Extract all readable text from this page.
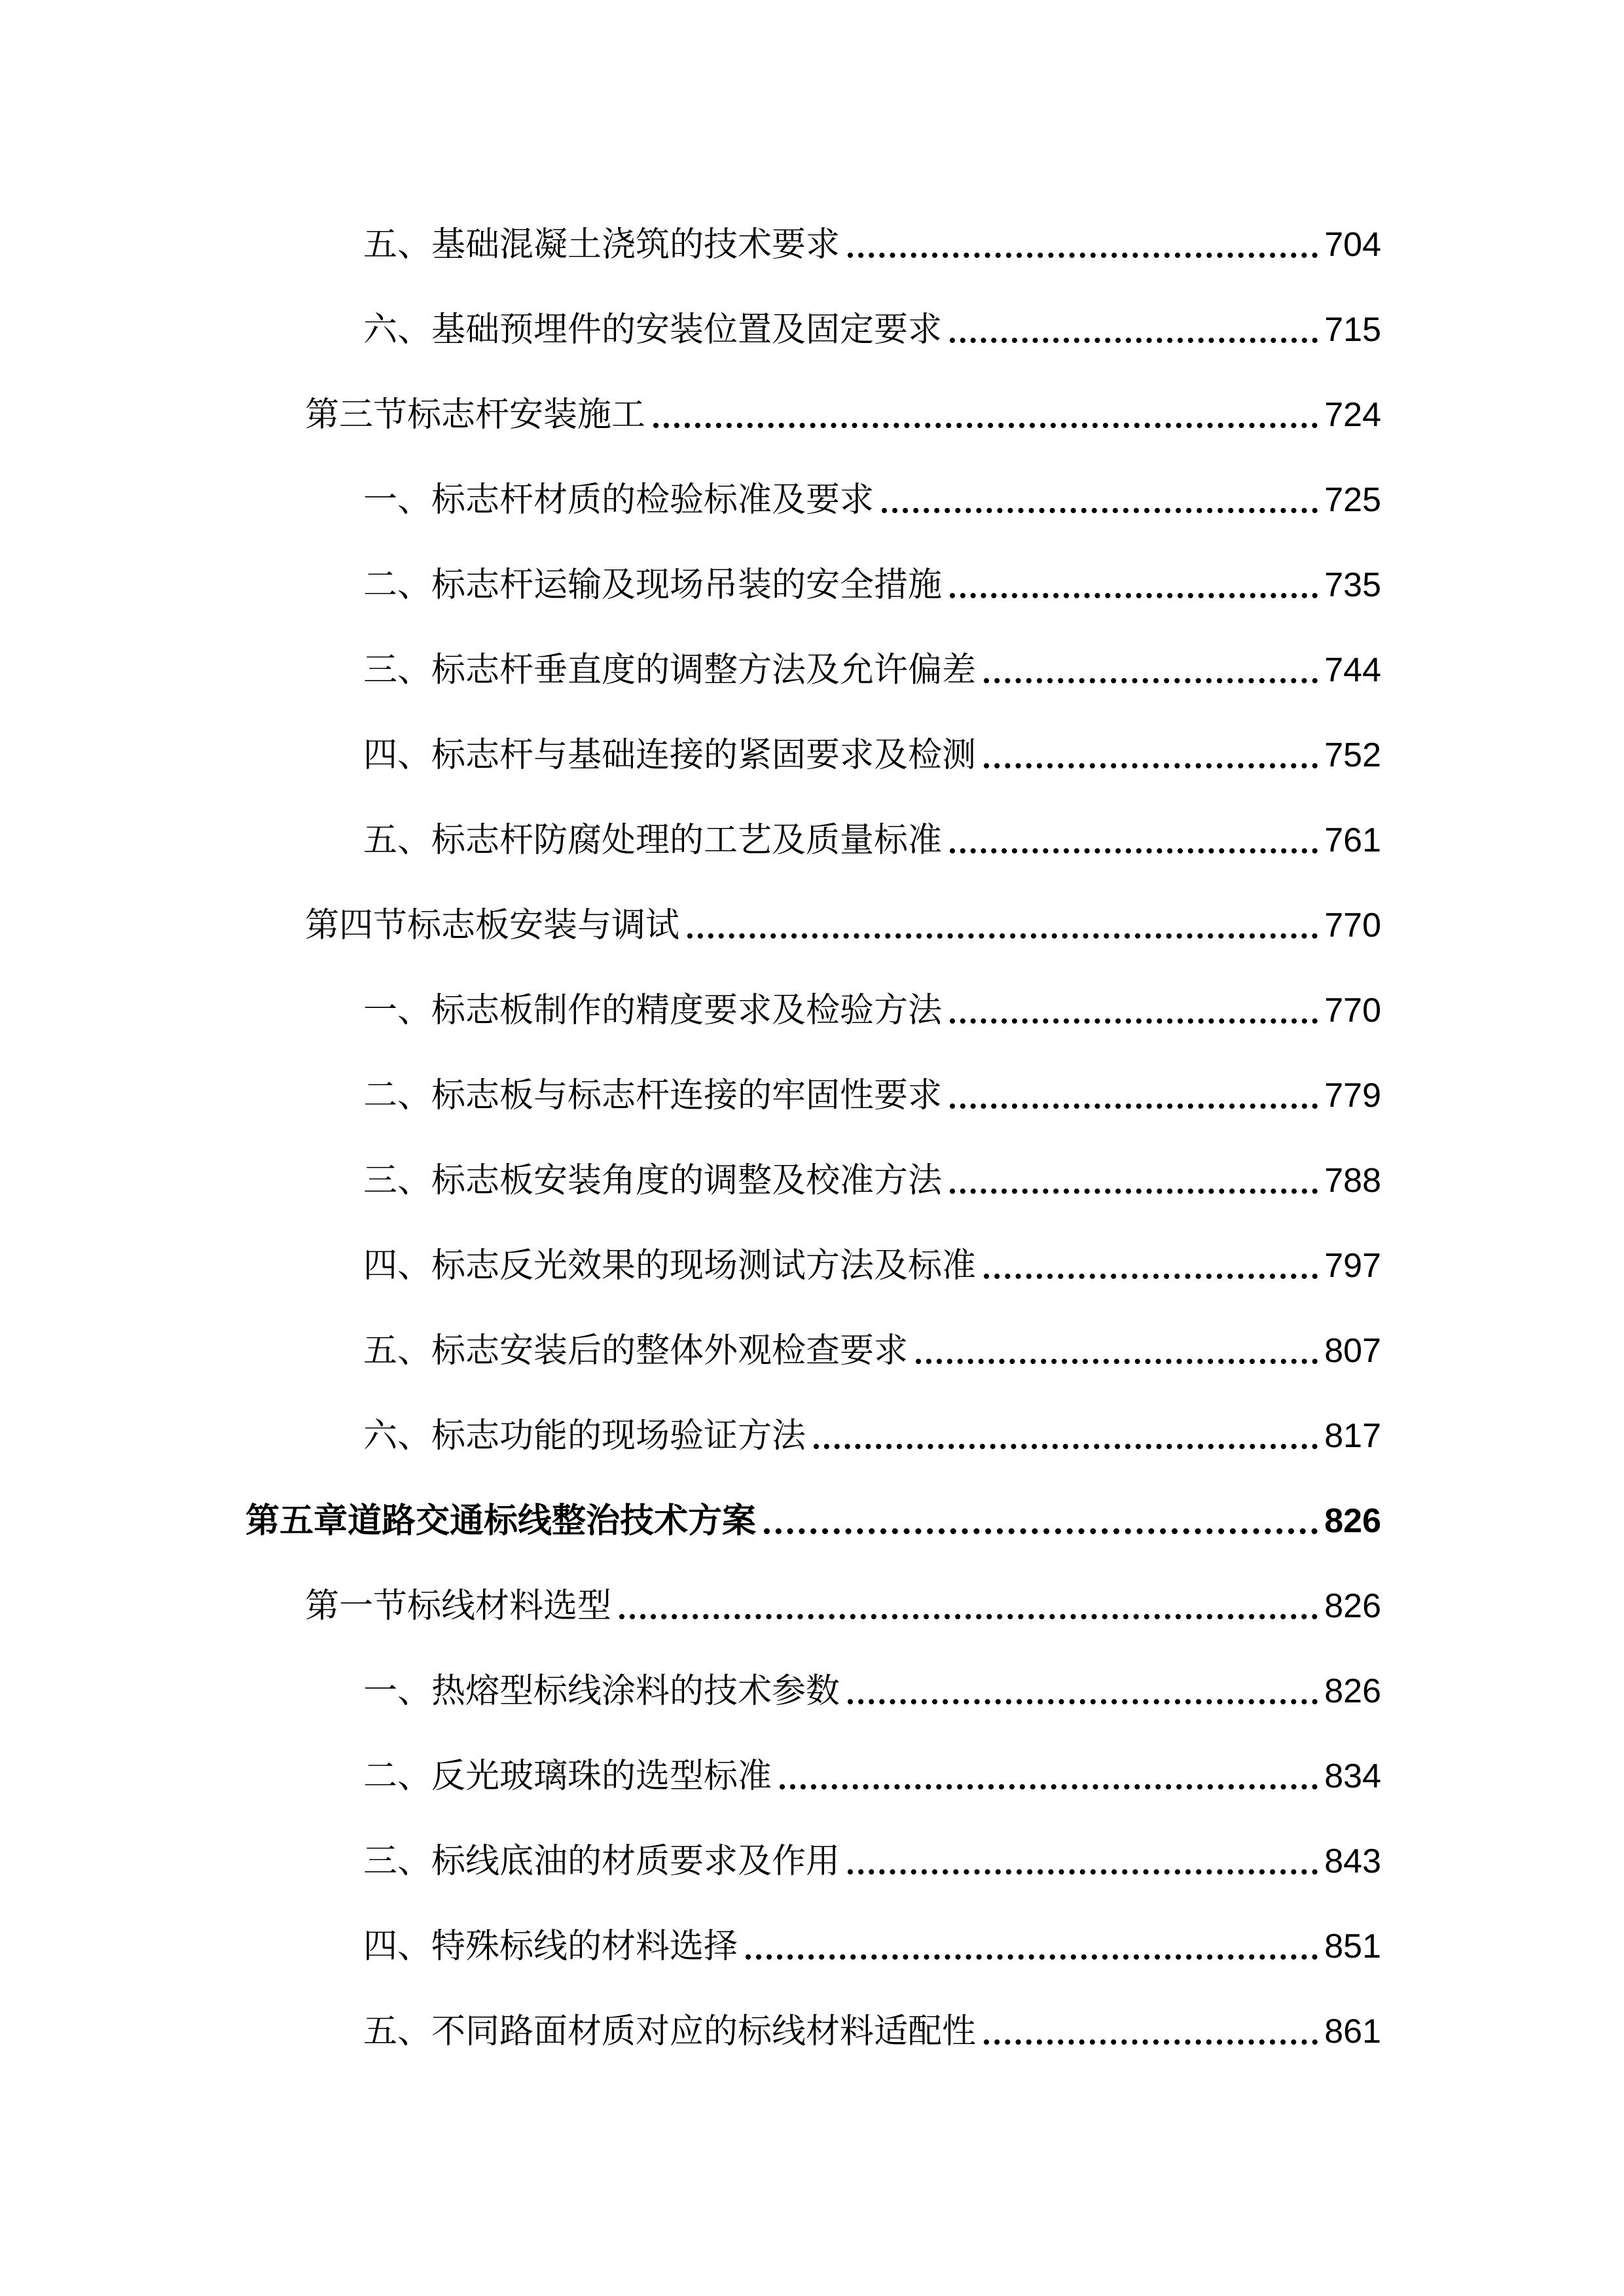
五、基础混凝土浇筑的技术要求	704
六、基础预埋件的安装位置及固定要求	715
第三节标志杆安装施工	724
一、标志杆材质的检验标准及要求	725
二、标志杆运输及现场吊装的安全措施	735
三、标志杆垂直度的调整方法及允许偏差	744
四、标志杆与基础连接的紧固要求及检测	752
五、标志杆防腐处理的工艺及质量标准	761
第四节标志板安装与调试	770
一、标志板制作的精度要求及检验方法	770
二、标志板与标志杆连接的牢固性要求	779
三、标志板安装角度的调整及校准方法	788
四、标志反光效果的现场测试方法及标准	797
五、标志安装后的整体外观检查要求	807
六、标志功能的现场验证方法	817
第五章道路交通标线整治技术方案	826
第一节标线材料选型	826
一、热熔型标线涂料的技术参数	826
二、反光玻璃珠的选型标准	834
三、标线底油的材质要求及作用	843
四、特殊标线的材料选择	851
五、不同路面材质对应的标线材料适配性	861
